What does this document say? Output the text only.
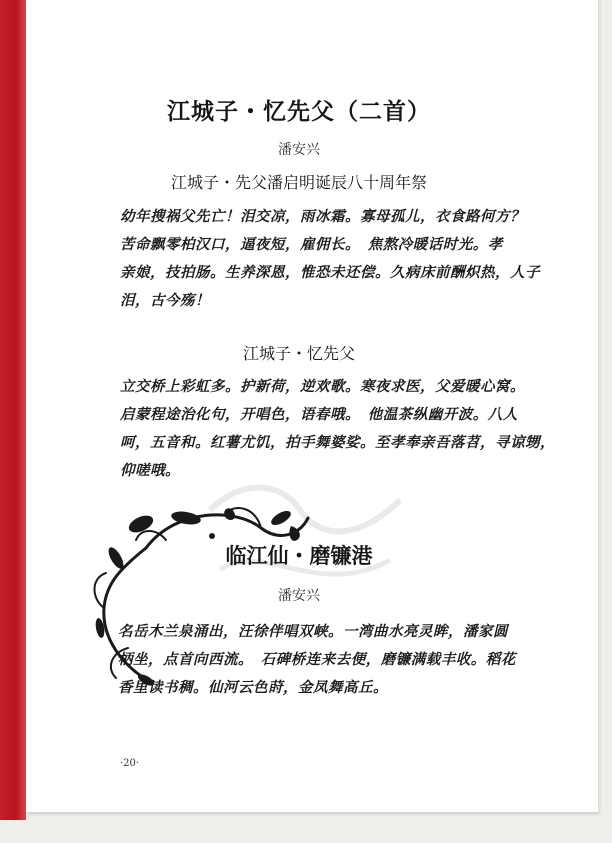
江城子・忆先父（二首）

潘安兴

江城子・先父潘启明诞辰八十周年祭

幼年搜祸父先亡！泪交凉，雨冰霜。寡母孤儿，衣食路何方？
苦命飘零柏汉口，逼夜短，雇佣长。　焦熬冷暖话时光。孝
亲娘，技拍肠。生养深恩，惟恐未还偿。久病床前酬炽热，人子
泪，古今殇！

江城子・忆先父

立交桥上彩虹多。护新荷，逆欢歌。寒夜求医，父爱暖心窝。
启蒙程途治化句，开唱色，语春哦。　他温茶纵幽开波。八人
呵，五音和。红薯尤饥，拍手舞婆娑。至孝奉亲吾落苕，寻谅甥，
仰嗟哦。
临江仙・磨镰港

潘安兴

名岳木兰泉涌出，汪徐伴唱双峡。一湾曲水亮灵眸，潘家圆
柄坐，点首向西流。　石碑桥连来去便，磨镰满载丰收。稻花
香里读书稠。仙河云色莳，金凤舞高丘。

·20·
